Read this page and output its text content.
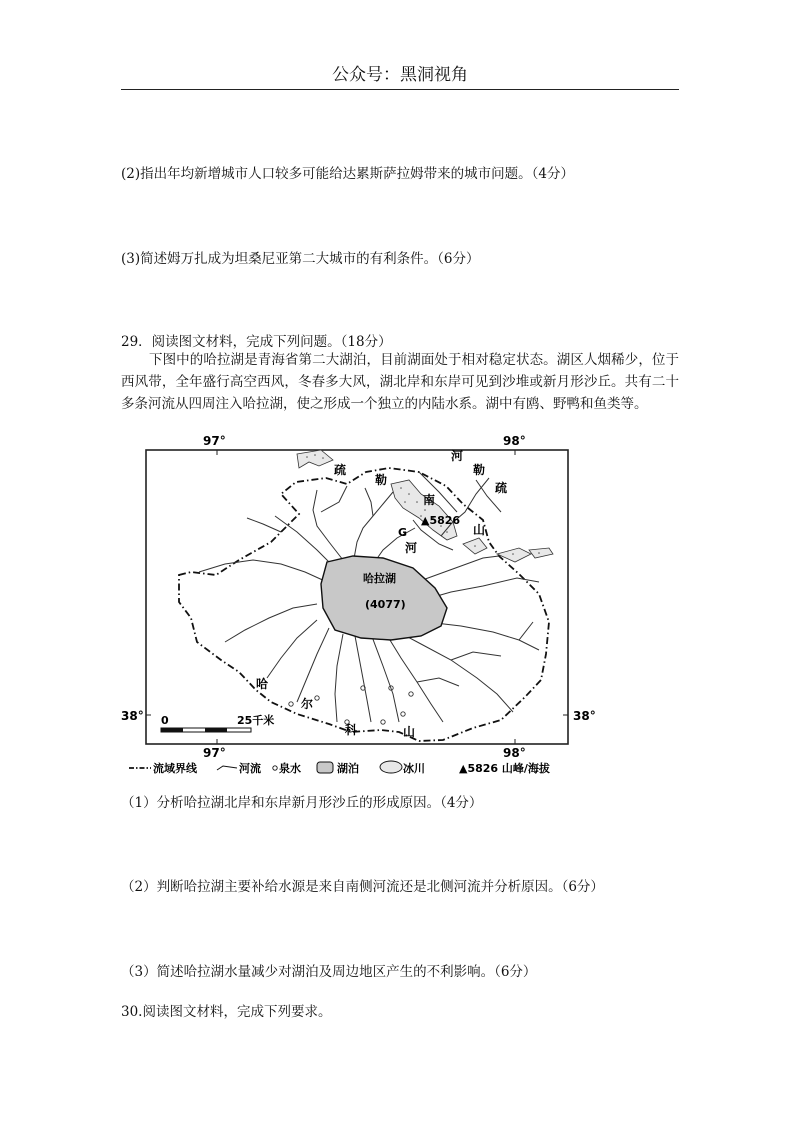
公众号：黑洞视角
(2)指出年均新增城市人口较多可能给达累斯萨拉姆带来的城市问题。（4分）
(3)简述姆万扎成为坦桑尼亚第二大城市的有利条件。（6分）
29．阅读图文材料，完成下列问题。（18分）

下图中的哈拉湖是青海省第二大湖泊，目前湖面处于相对稳定状态。湖区人烟稀少，位于西风带，全年盛行高空西风，冬春多大风，湖北岸和东岸可见到沙堆或新月形沙丘。共有二十多条河流从四周注入哈拉湖，使之形成一个独立的内陆水系。湖中有鸥、野鸭和鱼类等。

97°	98°
38°	38°
97°	98°
哈拉湖
(4077)
▲5826
G
疏
勒
南
山
河
河
勒
疏
哈
尔
科	山
0	25千米
流域界线	河流 泉水	湖泊	冰川	▲5826 山峰/海拔
（1）分析哈拉湖北岸和东岸新月形沙丘的形成原因。（4分）
（2）判断哈拉湖主要补给水源是来自南侧河流还是北侧河流并分析原因。（6分）
（3）简述哈拉湖水量减少对湖泊及周边地区产生的不利影响。（6分）
30.阅读图文材料，完成下列要求。
